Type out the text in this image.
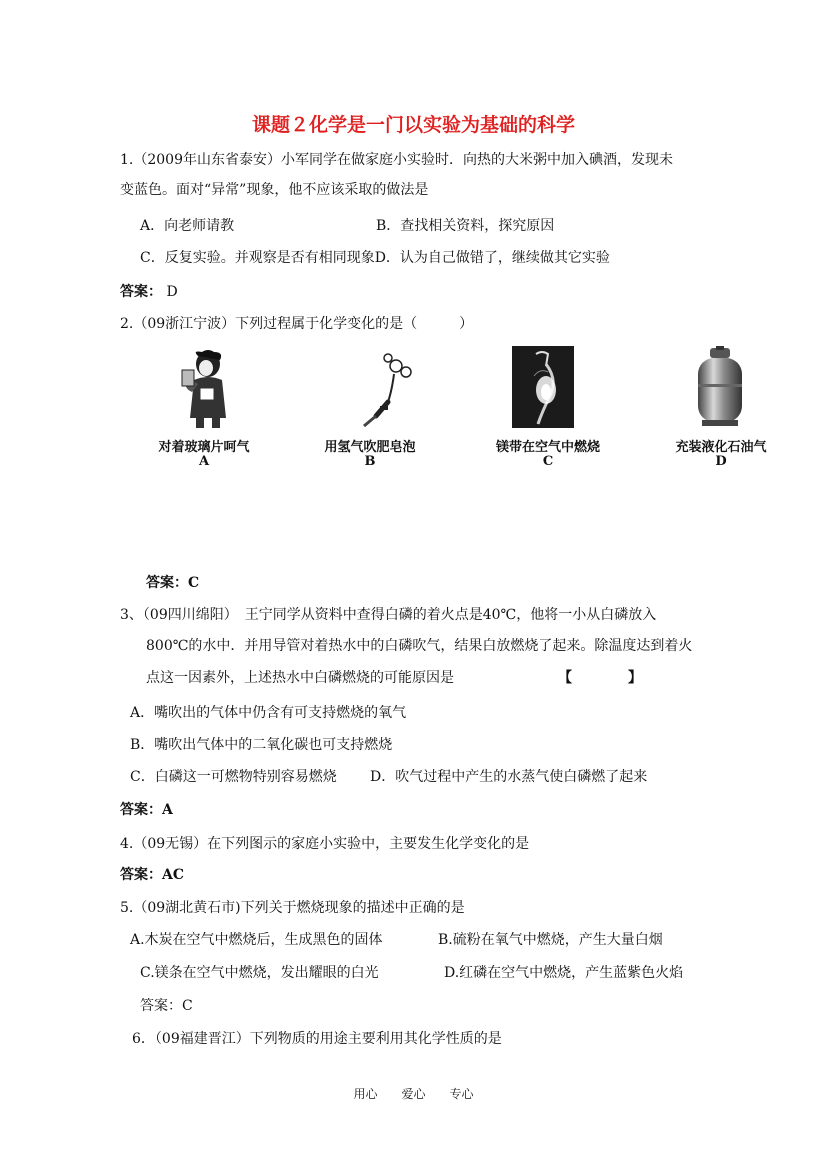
课题２化学是一门以实验为基础的科学
1.（2009年山东省泰安）小军同学在做家庭小实验时．向热的大米粥中加入碘酒，发现未
变蓝色。面对“异常”现象，他不应该采取的做法是
A．向老师请教	B．查找相关资料，探究原因
C．反复实验。并观察是否有相同现象D．认为自己做错了，继续做其它实验
答案： D
2.（09浙江宁波）下列过程属于化学变化的是（　　　）
对着玻璃片呵气
A
用氢气吹肥皂泡
B
镁带在空气中燃烧
C
充装液化石油气
D
答案：C
3、（09四川绵阳）　王宁同学从资料中查得白磷的着火点是40℃，他将一小从白磷放入
800℃的水中．并用导管对着热水中的白磷吹气，结果白放燃烧了起来。除温度达到着火
点这一因素外，上述热水中白磷燃烧的可能原因是	【　　　　】
A．嘴吹出的气体中仍含有可支持燃烧的氧气
B．嘴吹出气体中的二氧化碳也可支持燃烧
C．白磷这一可燃物特别容易燃烧 D．吹气过程中产生的水蒸气使白磷燃了起来
答案：A
4.（09无锡）在下列图示的家庭小实验中，主要发生化学变化的是
答案：AC
5.（09湖北黄石市)下列关于燃烧现象的描述中正确的是
A.木炭在空气中燃烧后，生成黑色的固体	B.硫粉在氧气中燃烧，产生大量白烟
C.镁条在空气中燃烧，发出耀眼的白光	D.红磷在空气中燃烧，产生蓝紫色火焰
答案：C
6．（09福建晋江）下列物质的用途主要利用其化学性质的是
用心　　爱心　　专心
